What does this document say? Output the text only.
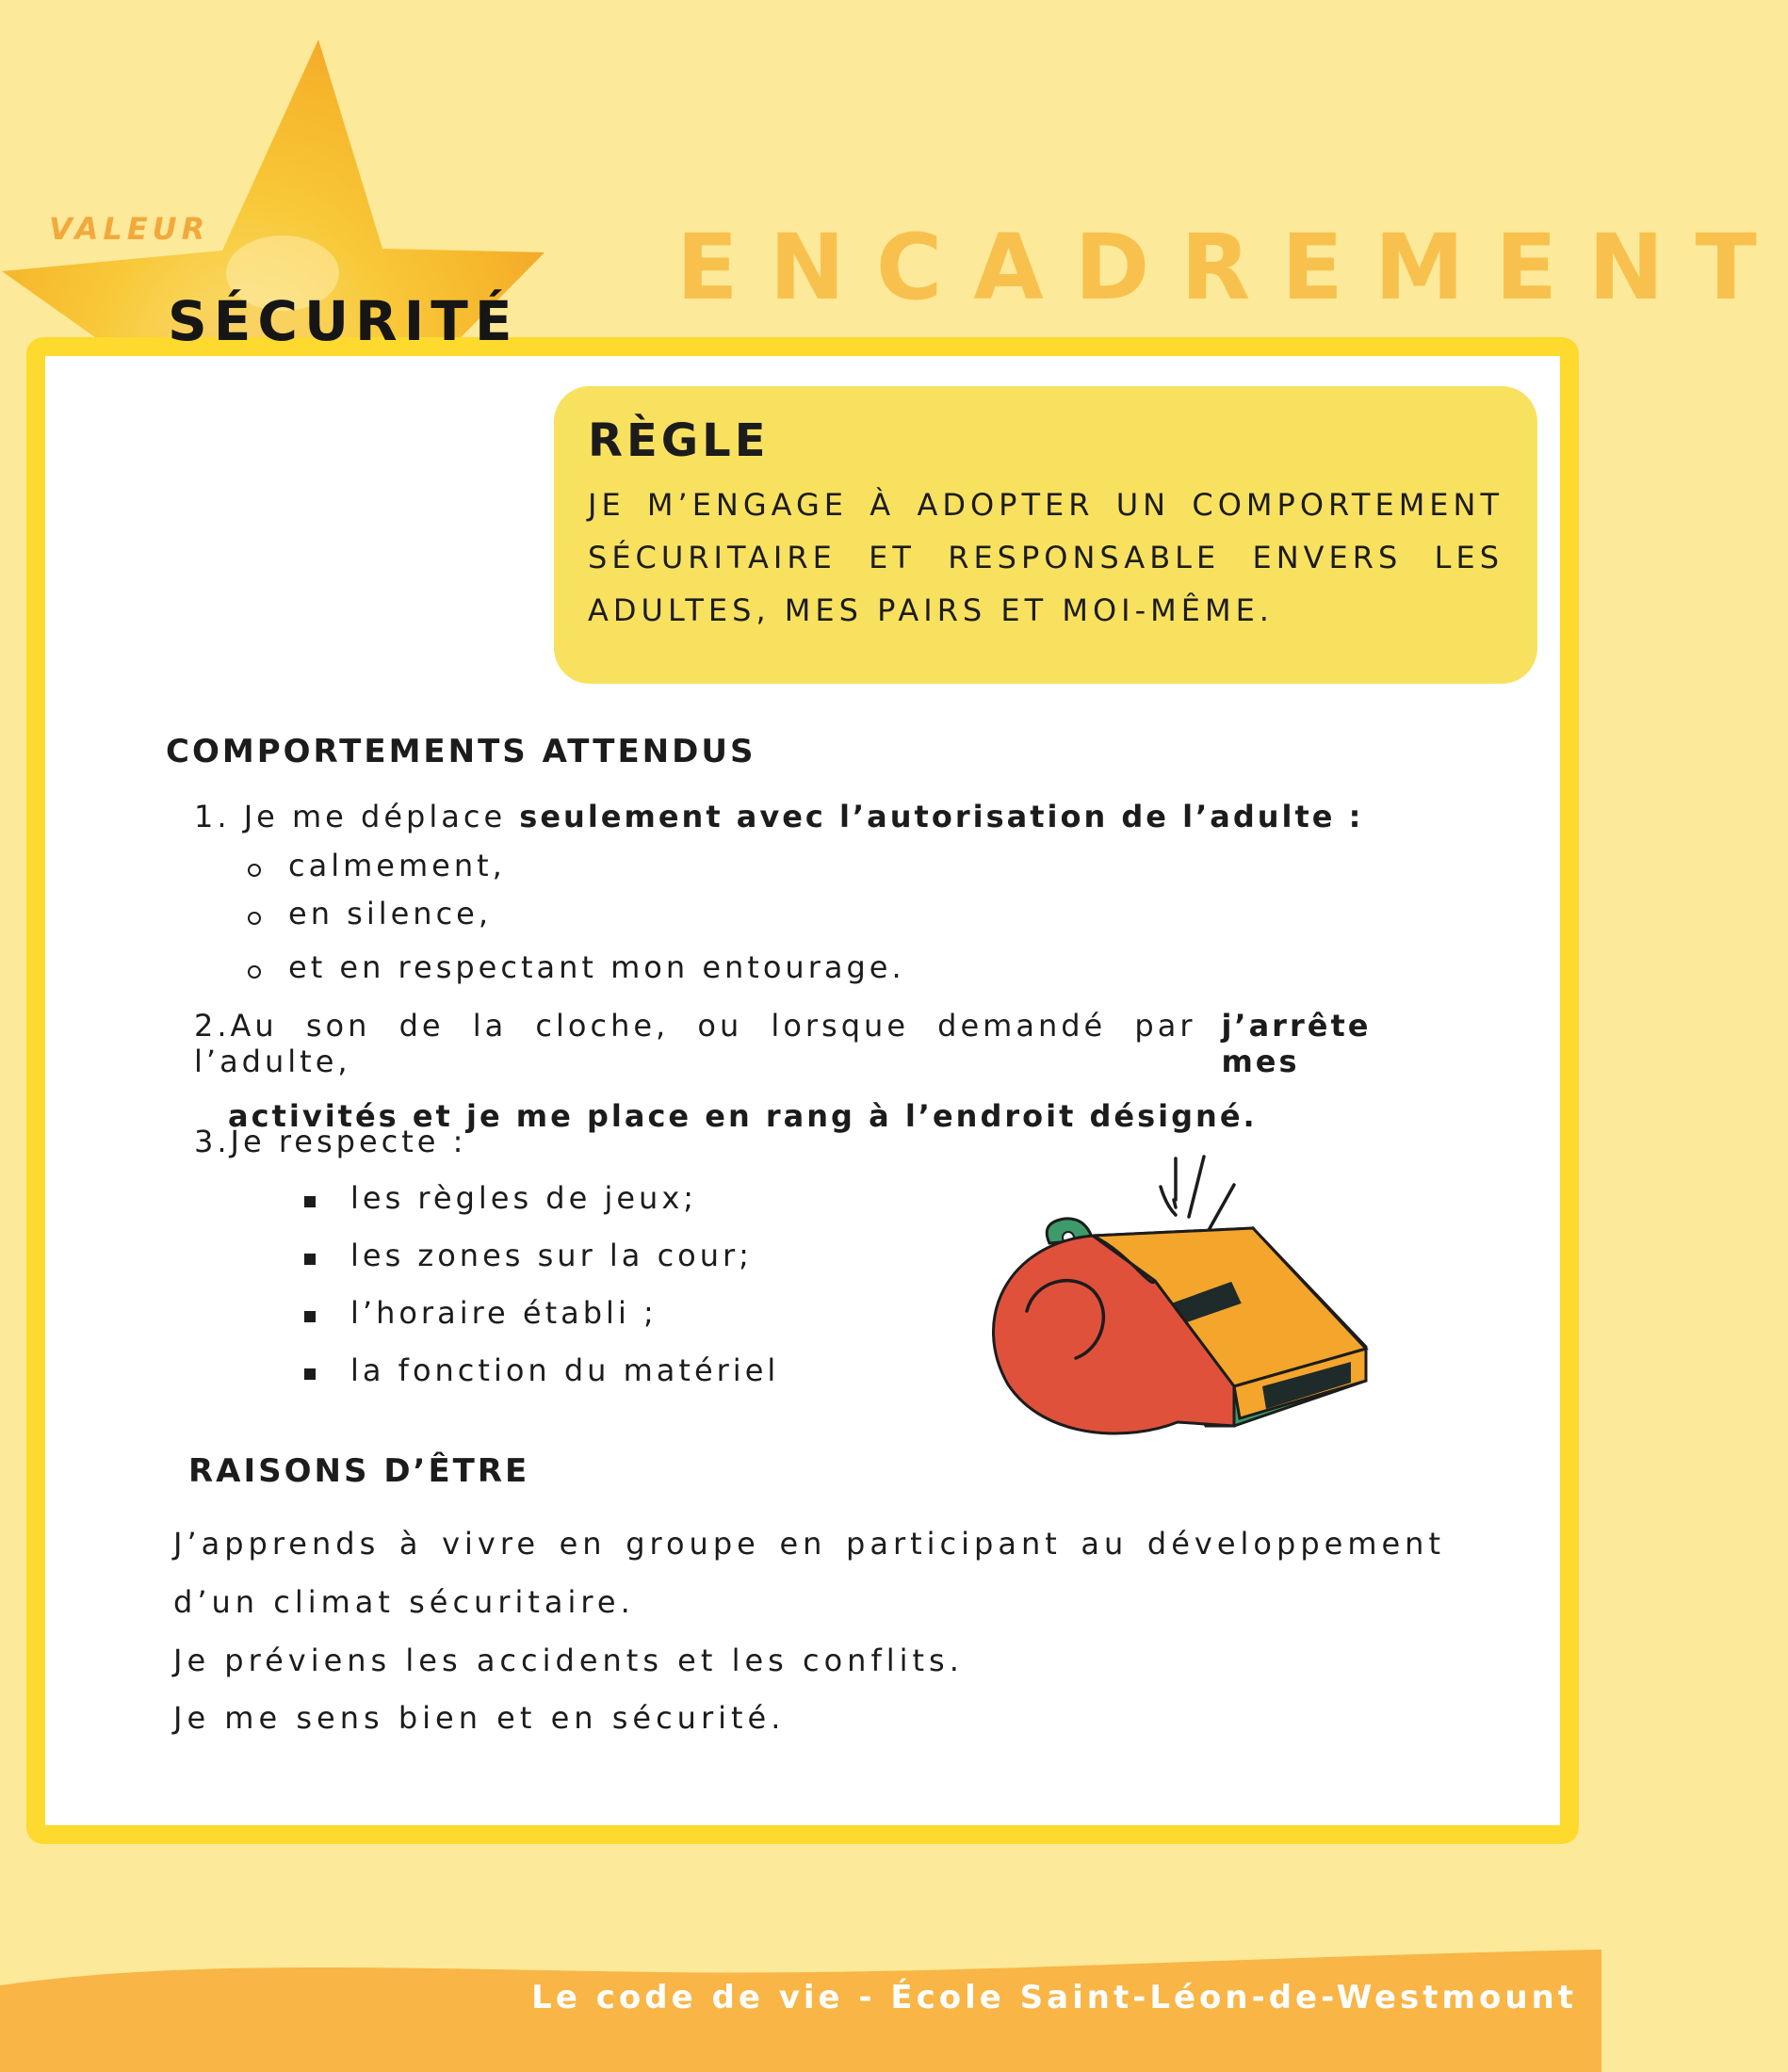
VALEUR	ENCADREMENT
SÉCURITÉ
RÈGLE
JE M’ENGAGE À ADOPTER UN COMPORTEMENT SÉCURITAIRE ET RESPONSABLE ENVERS LES ADULTES, MES PAIRS ET MOI-MÊME.
COMPORTEMENTS ATTENDUS
1. Je me déplace seulement avec l’autorisation de l’adulte :
calmement,
en silence,
et en respectant mon entourage.
2.Au son de la cloche, ou lorsque demandé par l’adulte,
j’arrête mes
activités et je me place en rang à l’endroit désigné.
3.Je respecte :
les règles de jeux;
les zones sur la cour;
l’horaire établi ;
la fonction du matériel
RAISONS D’ÊTRE
J’apprends à vivre en groupe en participant au développement d’un climat sécuritaire.
Je préviens les accidents et les conflits.
Je me sens bien et en sécurité.
Le code de vie - École Saint-Léon-de-Westmount
